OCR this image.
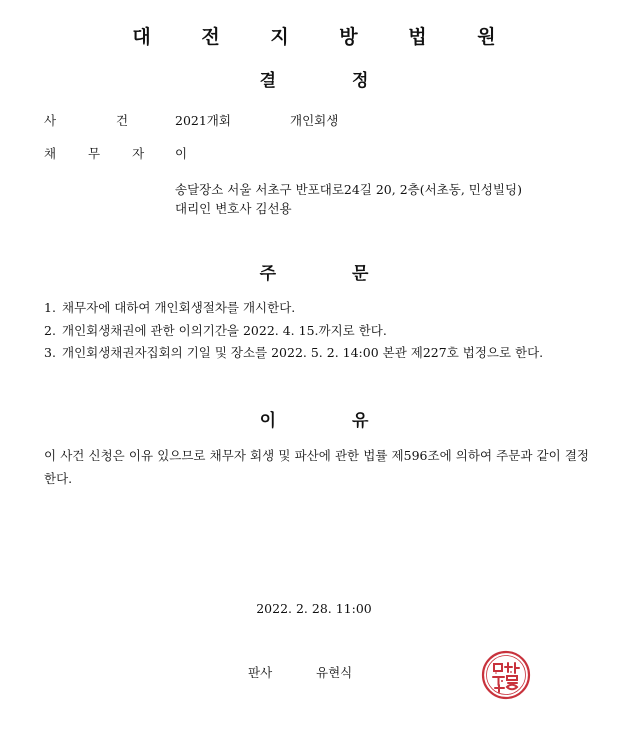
대 전 지 방 법 원
결 정
사 건 2021개회	개인회생
채 무 자 이
송달장소 서울 서초구 반포대로24길 20, 2층(서초동, 민성빌딩)
대리인 변호사 김선용
주 문
1. 채무자에 대하여 개인회생절차를 개시한다.
2. 개인회생채권에 관한 이의기간을 2022. 4. 15.까지로 한다.
3. 개인회생채권자집회의 기일 및 장소를 2022. 5. 2. 14:00 본관 제227호 법정으로 한다.
이 유
이 사건 신청은 이유 있으므로 채무자 회생 및 파산에 관한 법률 제596조에 의하여 주문과 같이 결정한다.
2022. 2. 28. 11:00
판사	유현식
